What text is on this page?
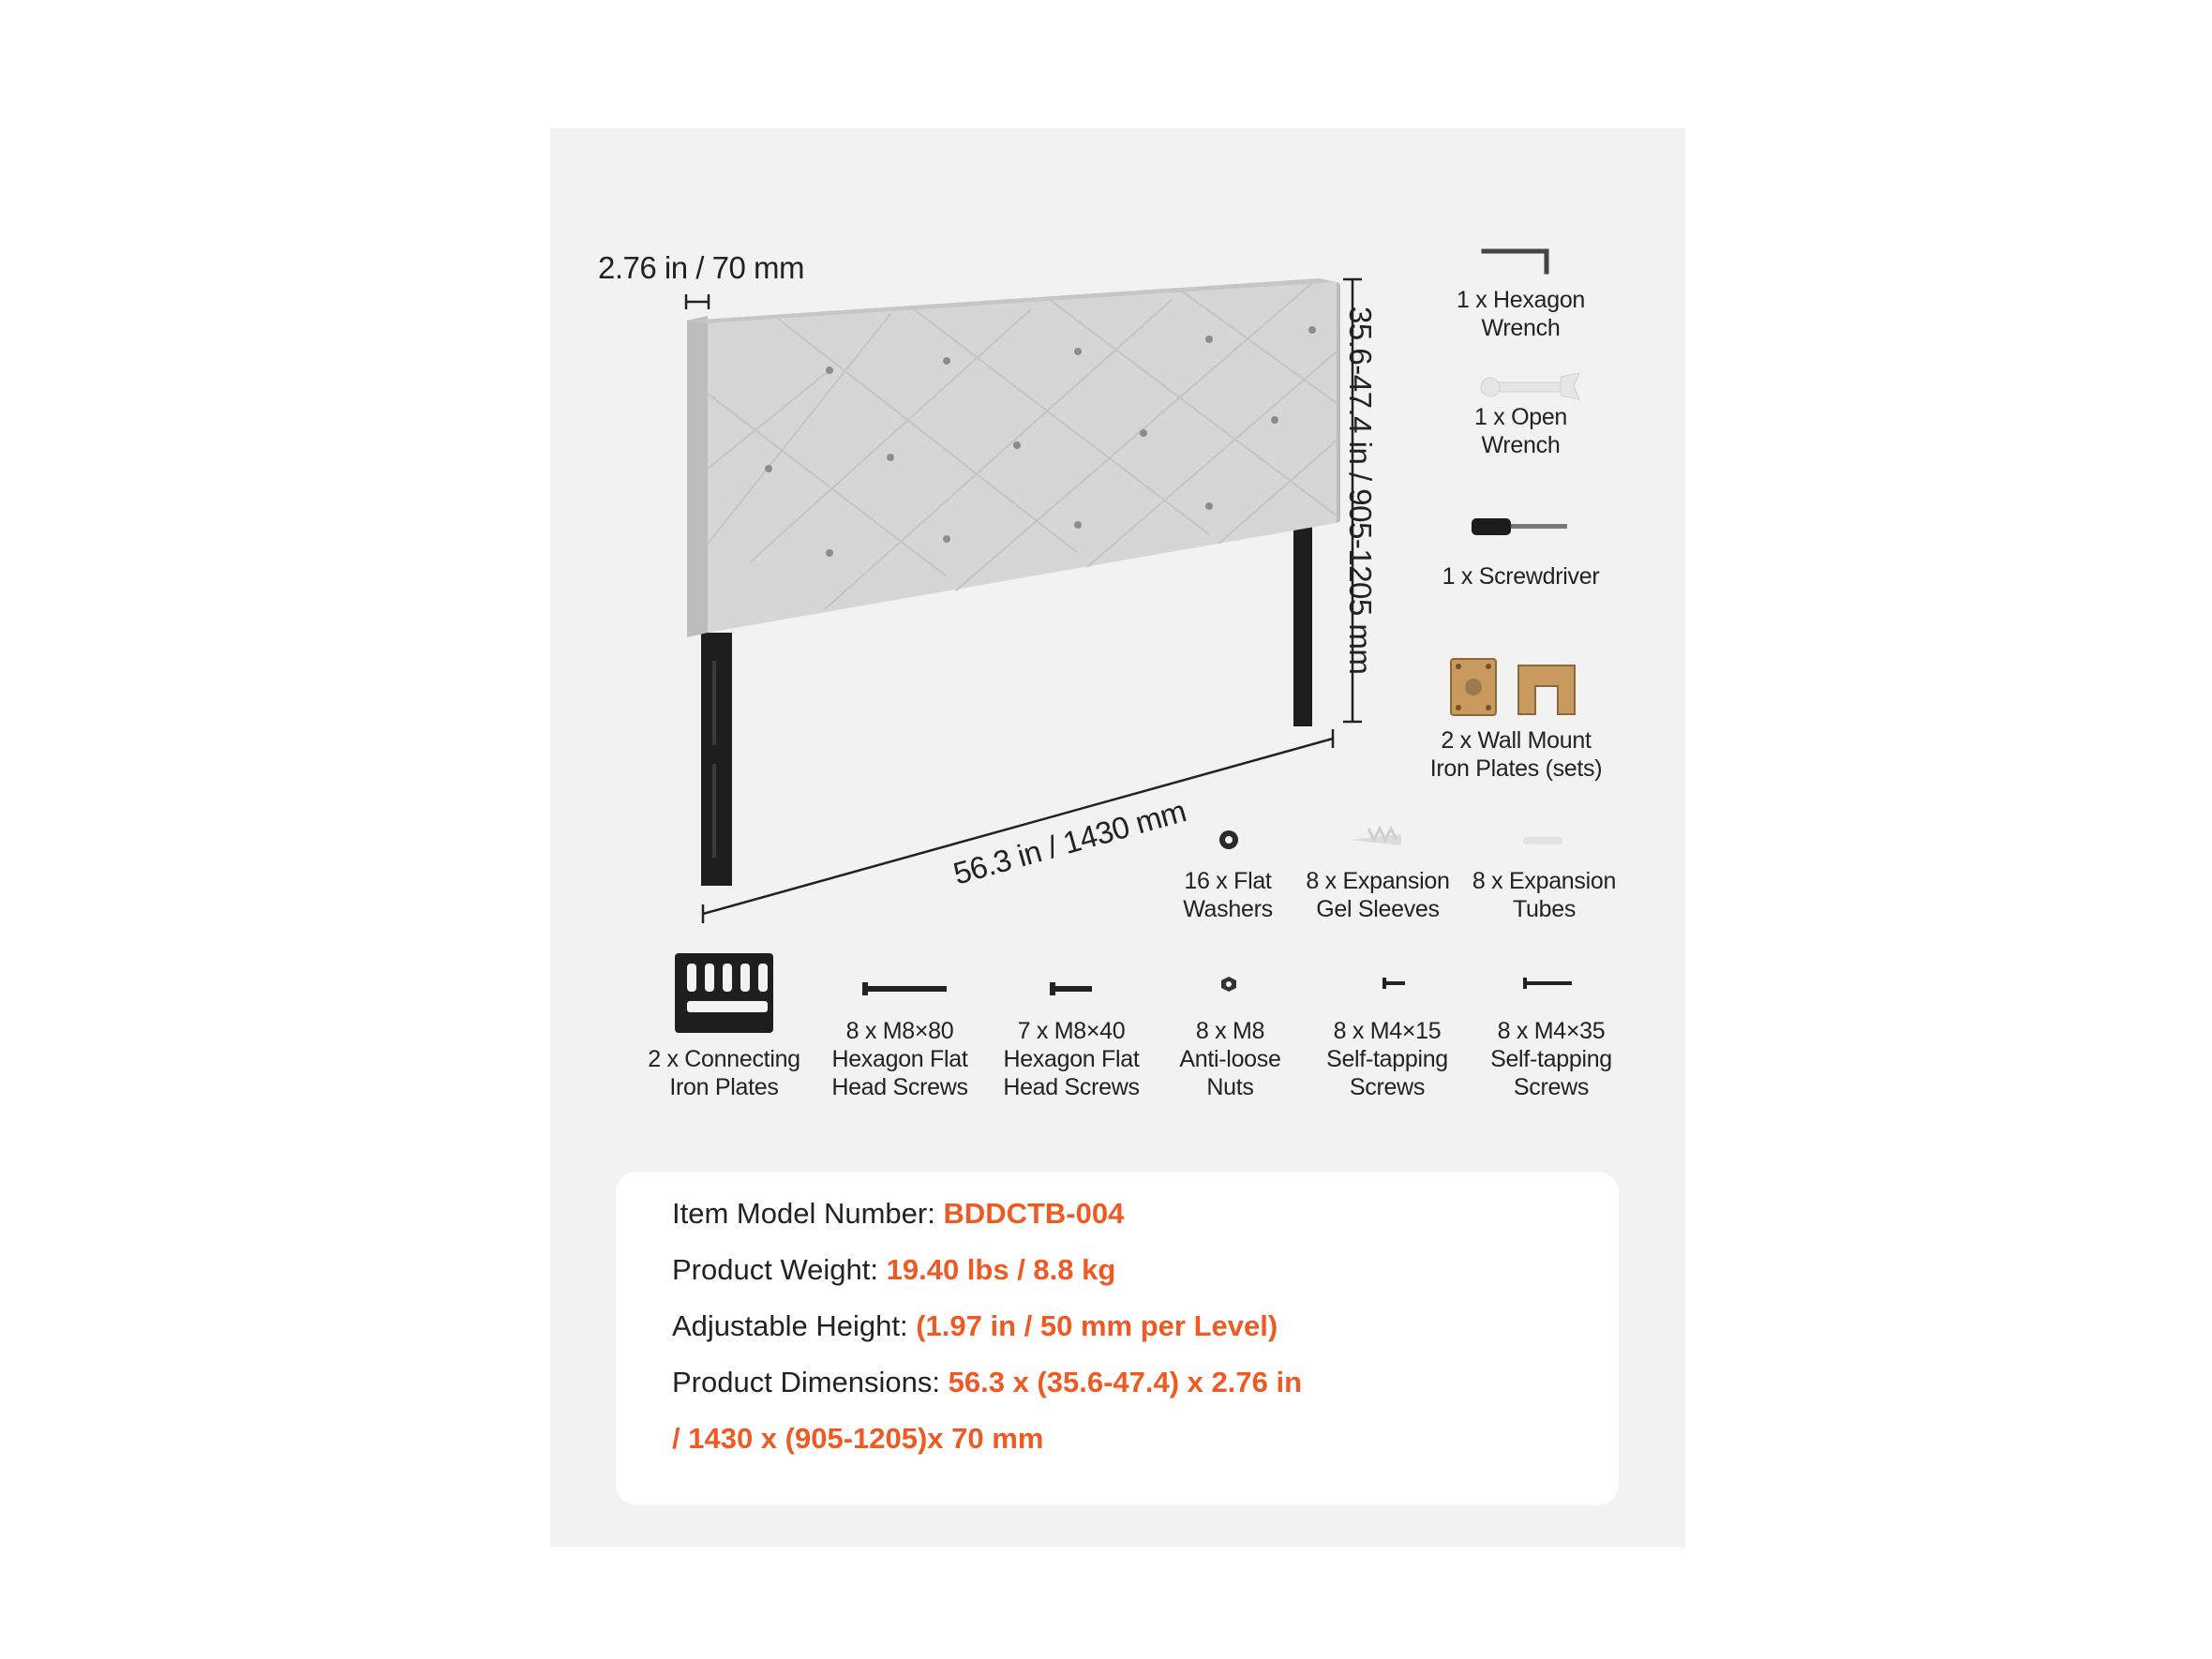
2.76 in / 70 mm
35.6-47.4 in / 905-1205 mm
56.3 in / 1430 mm
1 x Hexagon
Wrench
1 x Open
Wrench
1 x Screwdriver
2 x Wall Mount
Iron Plates (sets)
16 x Flat
Washers
8 x Expansion
Gel Sleeves
8 x Expansion
Tubes
2 x Connecting
Iron Plates
8 x M8×80
Hexagon Flat
Head Screws
7 x M8×40
Hexagon Flat
Head Screws
8 x M8
Anti-loose
Nuts
8 x M4×15
Self-tapping
Screws
8 x M4×35
Self-tapping
Screws
Item Model Number: BDDCTB-004
Product Weight: 19.40 lbs / 8.8 kg
Adjustable Height: (1.97 in / 50 mm per Level)
Product Dimensions: 56.3 x (35.6-47.4) x 2.76 in
/ 1430 x (905-1205)x 70 mm
